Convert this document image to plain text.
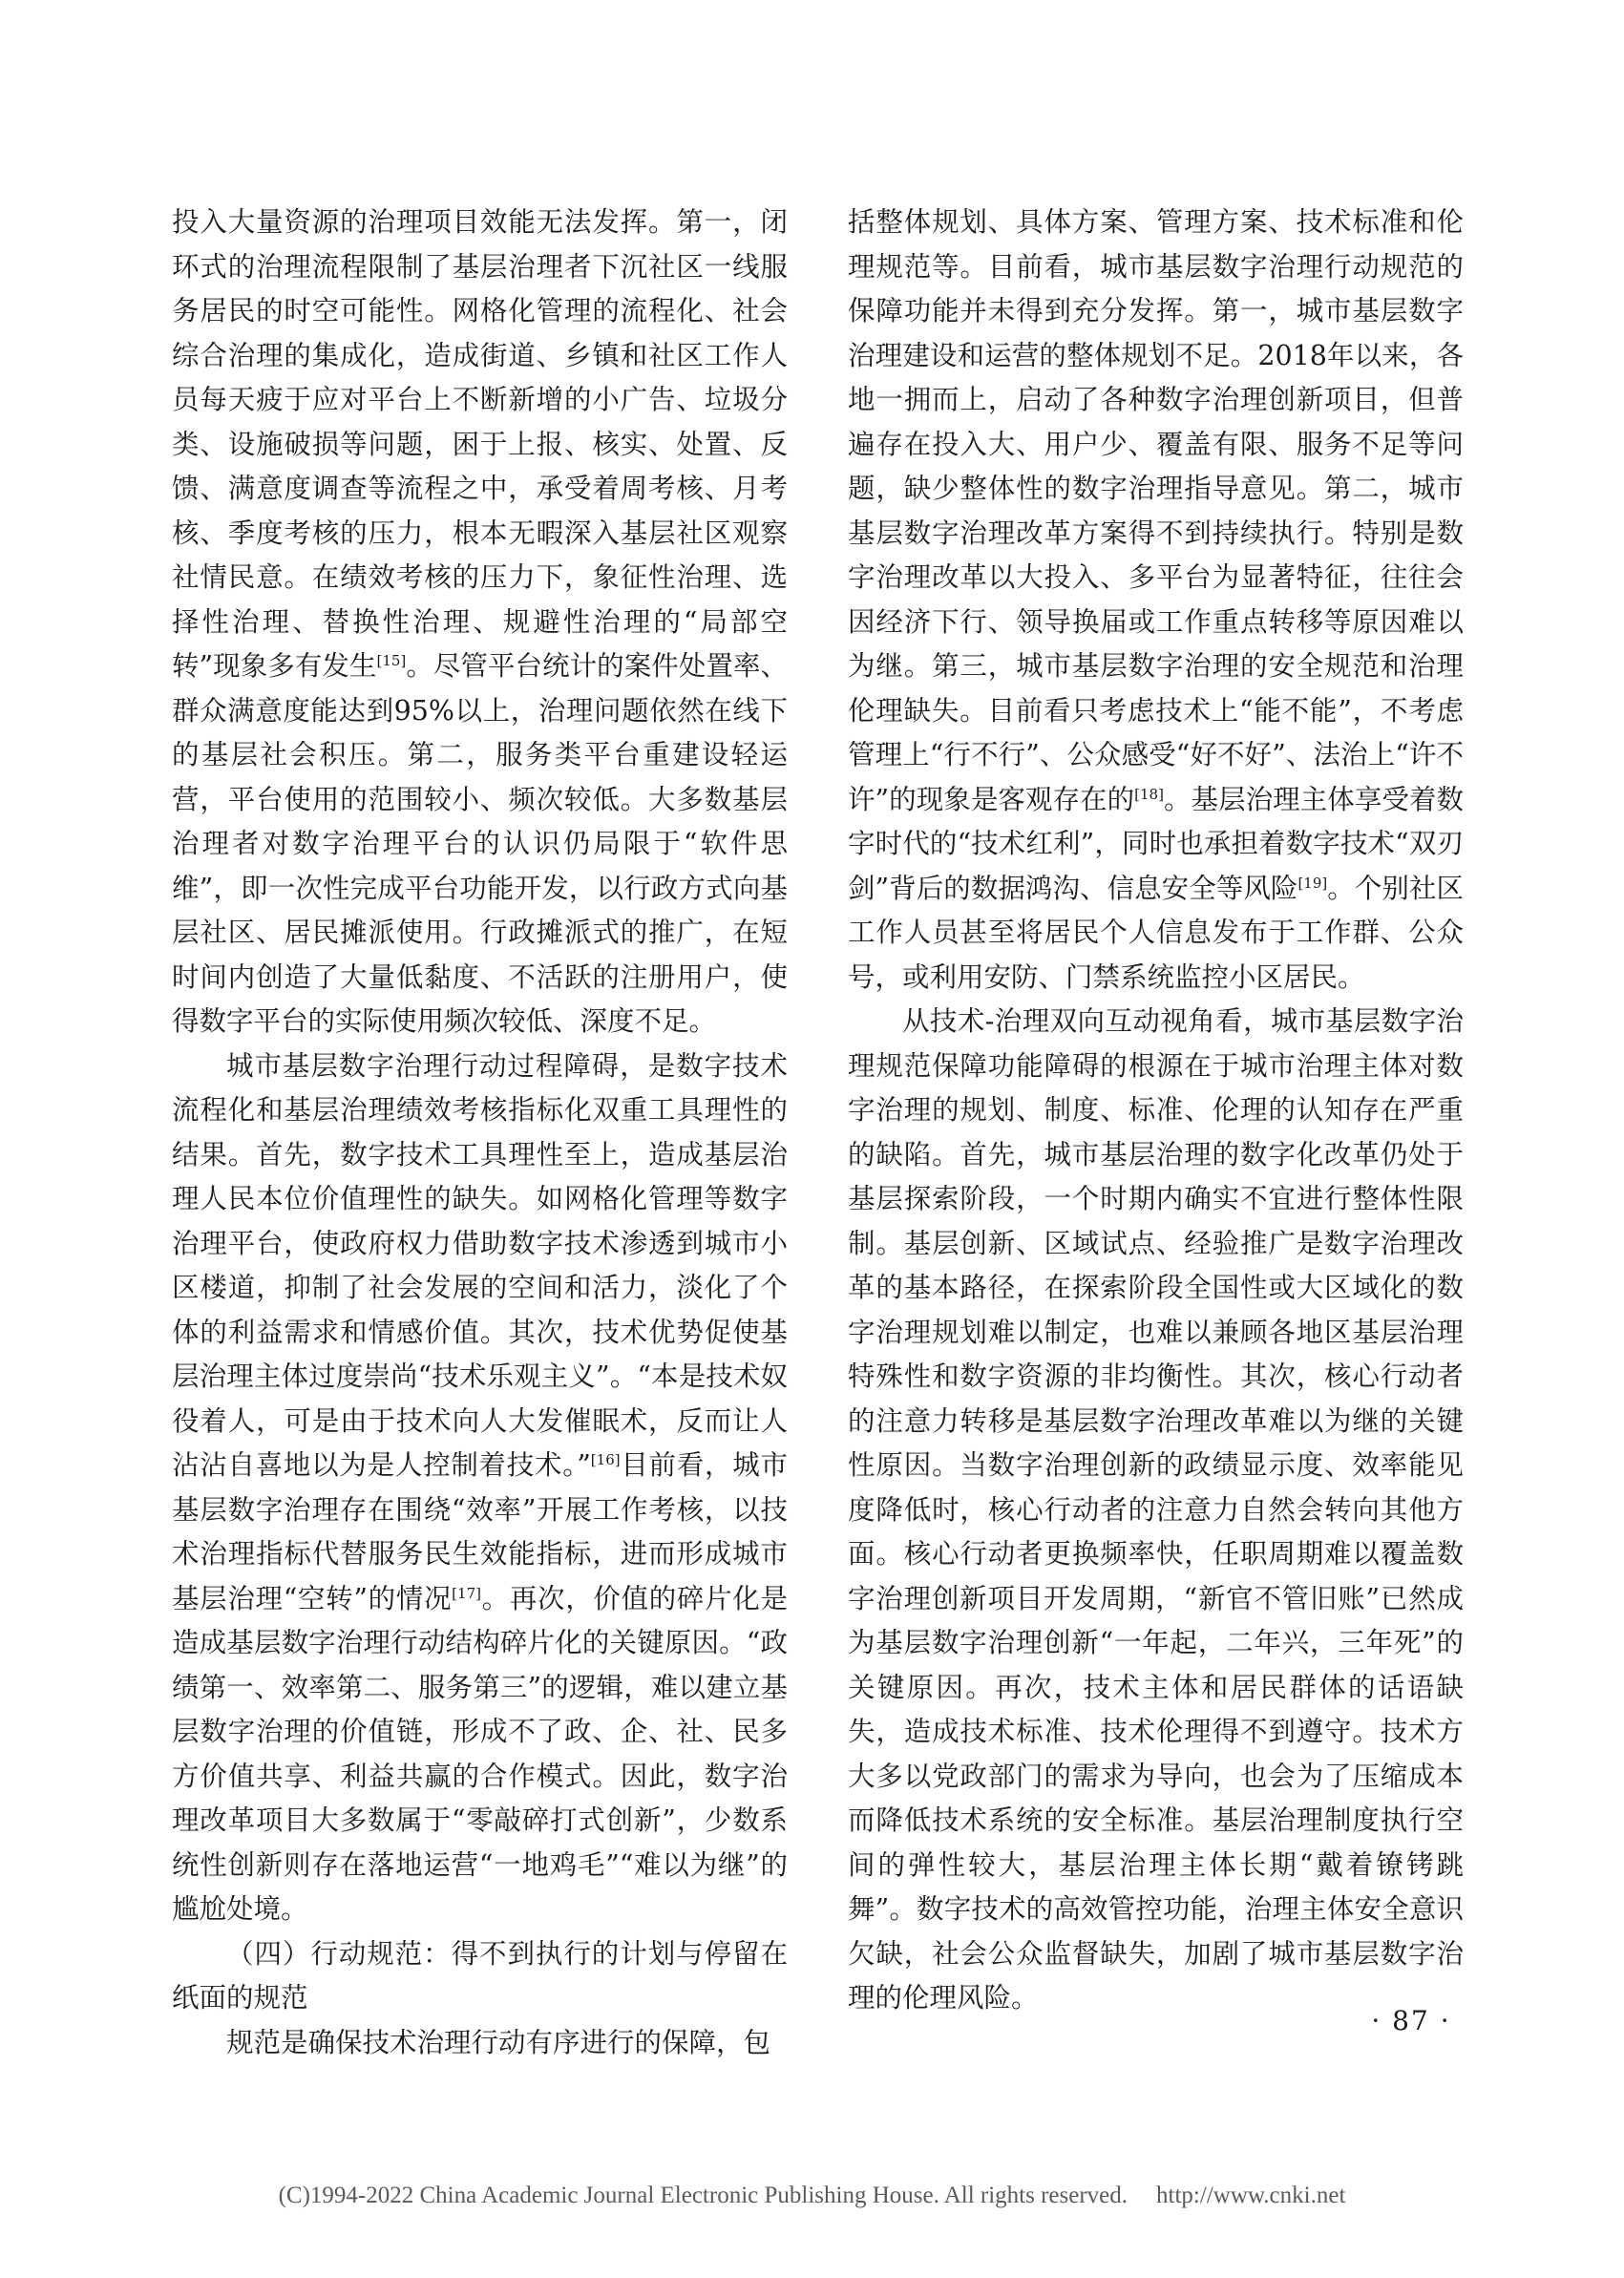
投入大量资源的治理项目效能无法发挥。第一，闭环式的治理流程限制了基层治理者下沉社区一线服务居民的时空可能性。网格化管理的流程化、社会综合治理的集成化，造成街道、乡镇和社区工作人员每天疲于应对平台上不断新增的小广告、垃圾分类、设施破损等问题，困于上报、核实、处置、反馈、满意度调查等流程之中，承受着周考核、月考核、季度考核的压力，根本无暇深入基层社区观察社情民意。在绩效考核的压力下，象征性治理、选择性治理、替换性治理、规避性治理的“局部空转”现象多有发生[15]。尽管平台统计的案件处置率、群众满意度能达到95%以上，治理问题依然在线下的基层社会积压。第二，服务类平台重建设轻运营，平台使用的范围较小、频次较低。大多数基层治理者对数字治理平台的认识仍局限于“软件思维”，即一次性完成平台功能开发，以行政方式向基层社区、居民摊派使用。行政摊派式的推广，在短时间内创造了大量低黏度、不活跃的注册用户，使得数字平台的实际使用频次较低、深度不足。

城市基层数字治理行动过程障碍，是数字技术流程化和基层治理绩效考核指标化双重工具理性的结果。首先，数字技术工具理性至上，造成基层治理人民本位价值理性的缺失。如网格化管理等数字治理平台，使政府权力借助数字技术渗透到城市小区楼道，抑制了社会发展的空间和活力，淡化了个体的利益需求和情感价值。其次，技术优势促使基层治理主体过度崇尚“技术乐观主义”。“本是技术奴役着人，可是由于技术向人大发催眠术，反而让人沾沾自喜地以为是人控制着技术。”[16]目前看，城市基层数字治理存在围绕“效率”开展工作考核，以技术治理指标代替服务民生效能指标，进而形成城市基层治理“空转”的情况[17]。再次，价值的碎片化是造成基层数字治理行动结构碎片化的关键原因。“政绩第一、效率第二、服务第三”的逻辑，难以建立基层数字治理的价值链，形成不了政、企、社、民多方价值共享、利益共赢的合作模式。因此，数字治理改革项目大多数属于“零敲碎打式创新”，少数系统性创新则存在落地运营“一地鸡毛”“难以为继”的尴尬处境。

（四）行动规范：得不到执行的计划与停留在纸面的规范

规范是确保技术治理行动有序进行的保障，包

括整体规划、具体方案、管理方案、技术标准和伦理规范等。目前看，城市基层数字治理行动规范的保障功能并未得到充分发挥。第一，城市基层数字治理建设和运营的整体规划不足。2018年以来，各地一拥而上，启动了各种数字治理创新项目，但普遍存在投入大、用户少、覆盖有限、服务不足等问题，缺少整体性的数字治理指导意见。第二，城市基层数字治理改革方案得不到持续执行。特别是数字治理改革以大投入、多平台为显著特征，往往会因经济下行、领导换届或工作重点转移等原因难以为继。第三，城市基层数字治理的安全规范和治理伦理缺失。目前看只考虑技术上“能不能”，不考虑管理上“行不行”、公众感受“好不好”、法治上“许不许”的现象是客观存在的[18]。基层治理主体享受着数字时代的“技术红利”，同时也承担着数字技术“双刃剑”背后的数据鸿沟、信息安全等风险[19]。个别社区工作人员甚至将居民个人信息发布于工作群、公众号，或利用安防、门禁系统监控小区居民。

从技术-治理双向互动视角看，城市基层数字治理规范保障功能障碍的根源在于城市治理主体对数字治理的规划、制度、标准、伦理的认知存在严重的缺陷。首先，城市基层治理的数字化改革仍处于基层探索阶段，一个时期内确实不宜进行整体性限制。基层创新、区域试点、经验推广是数字治理改革的基本路径，在探索阶段全国性或大区域化的数字治理规划难以制定，也难以兼顾各地区基层治理特殊性和数字资源的非均衡性。其次，核心行动者的注意力转移是基层数字治理改革难以为继的关键性原因。当数字治理创新的政绩显示度、效率能见度降低时，核心行动者的注意力自然会转向其他方面。核心行动者更换频率快，任职周期难以覆盖数字治理创新项目开发周期，“新官不管旧账”已然成为基层数字治理创新“一年起，二年兴，三年死”的关键原因。再次，技术主体和居民群体的话语缺失，造成技术标准、技术伦理得不到遵守。技术方大多以党政部门的需求为导向，也会为了压缩成本而降低技术系统的安全标准。基层治理制度执行空间的弹性较大，基层治理主体长期“戴着镣铐跳舞”。数字技术的高效管控功能，治理主体安全意识欠缺，社会公众监督缺失，加剧了城市基层数字治理的伦理风险。

· 87 ·
(C)1994-2022 China Academic Journal Electronic Publishing House. All rights reserved. http://www.cnki.net
